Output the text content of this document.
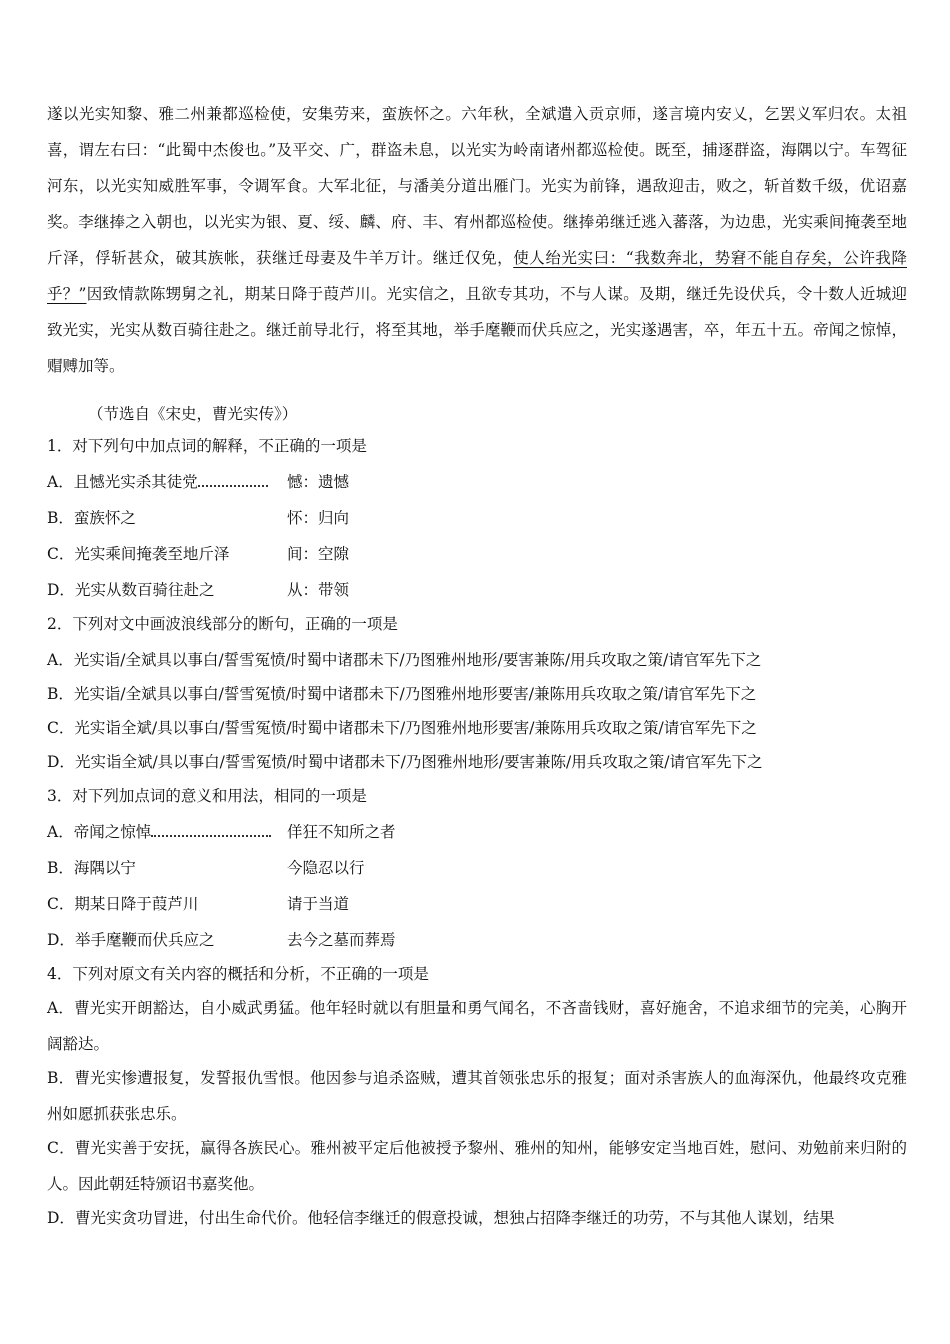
遂以光实知黎、雅二州兼都巡检使，安集劳来，蛮族怀之。六年秋，全斌遣入贡京师，遂言境内安乂，乞罢义军归农。太祖喜，谓左右曰：“此蜀中杰俊也。”及平交、广，群盗未息，以光实为岭南诸州都巡检使。既至，捕逐群盗，海隅以宁。车驾征河东，以光实知威胜军事，令调军食。大军北征，与潘美分道出雁门。光实为前锋，遇敌迎击，败之，斩首数千级，优诏嘉奖。李继捧之入朝也，以光实为银、夏、绥、麟、府、丰、宥州都巡检使。继捧弟继迁逃入蕃落，为边患，光实乘间掩袭至地斤泽，俘斩甚众，破其族帐，获继迁母妻及牛羊万计。继迁仅免，使人绐光实曰：“我数奔北，势窘不能自存矣，公许我降乎？”因致情款陈甥舅之礼，期某日降于葭芦川。光实信之，且欲专其功，不与人谋。及期，继迁先设伏兵，令十数人近城迎致光实，光实从数百骑往赴之。继迁前导北行，将至其地，举手麾鞭而伏兵应之，光实遂遇害，卒，年五十五。帝闻之惊悼，赗赙加等。

（节选自《宋史，曹光实传》）

1．对下列句中加点词的解释，不正确的一项是

A．且憾光实杀其徒党	憾：遗憾

B．蛮族怀之	怀：归向

C．光实乘间掩袭至地斤泽	间：空隙

D．光实从数百骑往赴之	从：带领

2．下列对文中画波浪线部分的断句，正确的一项是

A．光实诣/全斌具以事白/誓雪冤愤/时蜀中诸郡未下/乃图雅州地形/要害兼陈/用兵攻取之策/请官军先下之

B．光实诣/全斌具以事白/誓雪冤愤/时蜀中诸郡未下/乃图雅州地形要害/兼陈用兵攻取之策/请官军先下之

C．光实诣全斌/具以事白/誓雪冤愤/时蜀中诸郡未下/乃图雅州地形要害/兼陈用兵攻取之策/请官军先下之

D．光实诣全斌/具以事白/誓雪冤愤/时蜀中诸郡未下/乃图雅州地形/要害兼陈/用兵攻取之策/请官军先下之

3．对下列加点词的意义和用法，相同的一项是

A．帝闻之惊悼	佯狂不知所之者

B．海隅以宁	今隐忍以行

C．期某日降于葭芦川	请于当道

D．举手麾鞭而伏兵应之	去今之墓而葬焉

4．下列对原文有关内容的概括和分析，不正确的一项是

A．曹光实开朗豁达，自小威武勇猛。他年轻时就以有胆量和勇气闻名，不吝啬钱财，喜好施舍，不追求细节的完美，心胸开阔豁达。

B．曹光实惨遭报复，发誓报仇雪恨。他因参与追杀盗贼，遭其首领张忠乐的报复；面对杀害族人的血海深仇，他最终攻克雅州如愿抓获张忠乐。

C．曹光实善于安抚，赢得各族民心。雅州被平定后他被授予黎州、雅州的知州，能够安定当地百姓，慰问、劝勉前来归附的人。因此朝廷特颁诏书嘉奖他。

D．曹光实贪功冒进，付出生命代价。他轻信李继迁的假意投诚，想独占招降李继迁的功劳，不与其他人谋划，结果
